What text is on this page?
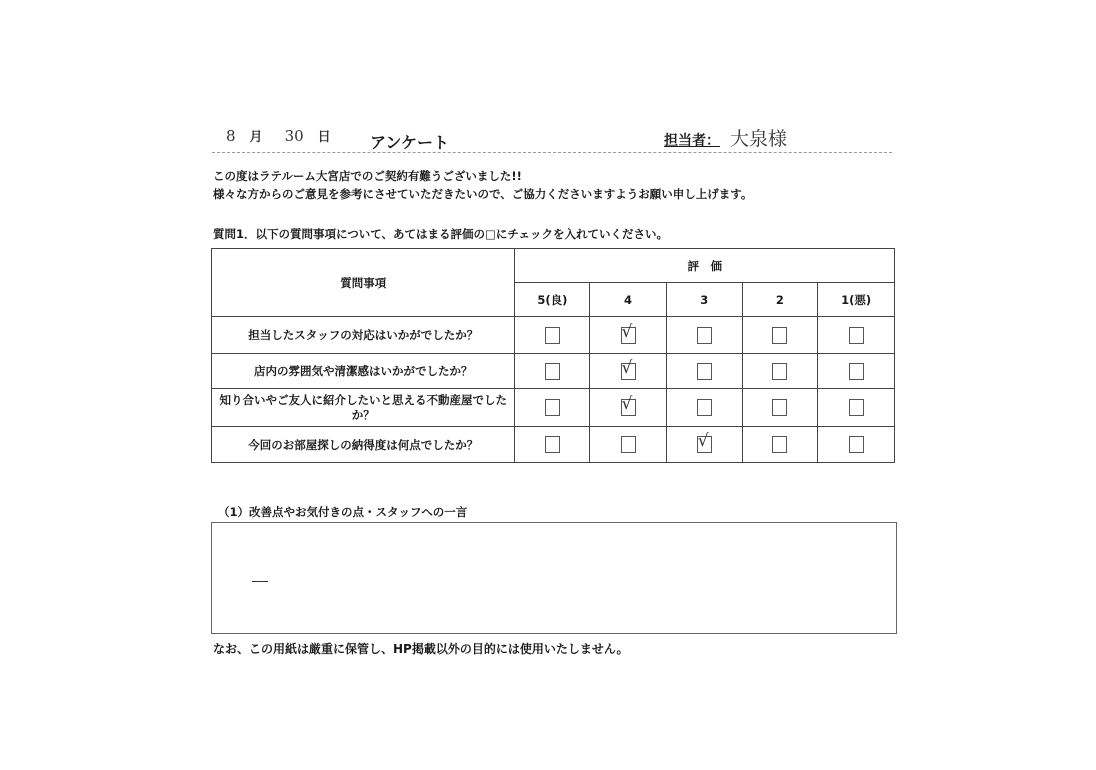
8 月 30 日	アンケート	担当者： 大泉様
この度はラテルーム大宮店でのご契約有難うございました!!
様々な方からのご意見を参考にさせていただきたいので、ご協力くださいますようお願い申し上げます。
質問1．以下の質問事項について、あてはまる評価の□にチェックを入れていください。
質問事項	評　価				
	5(良)	4	3	2	1(悪)
担当したスタッフの対応はいかがでしたか？		√			

店内の雰囲気や清潔感はいかがでしたか？		√			

知り合いやご友人に紹介したいと思える不動産屋でしたか？		√			

今回のお部屋探しの納得度は何点でしたか？			√		

（1）改善点やお気付きの点・スタッフへの一言
なお、この用紙は厳重に保管し、HP掲載以外の目的には使用いたしません。
